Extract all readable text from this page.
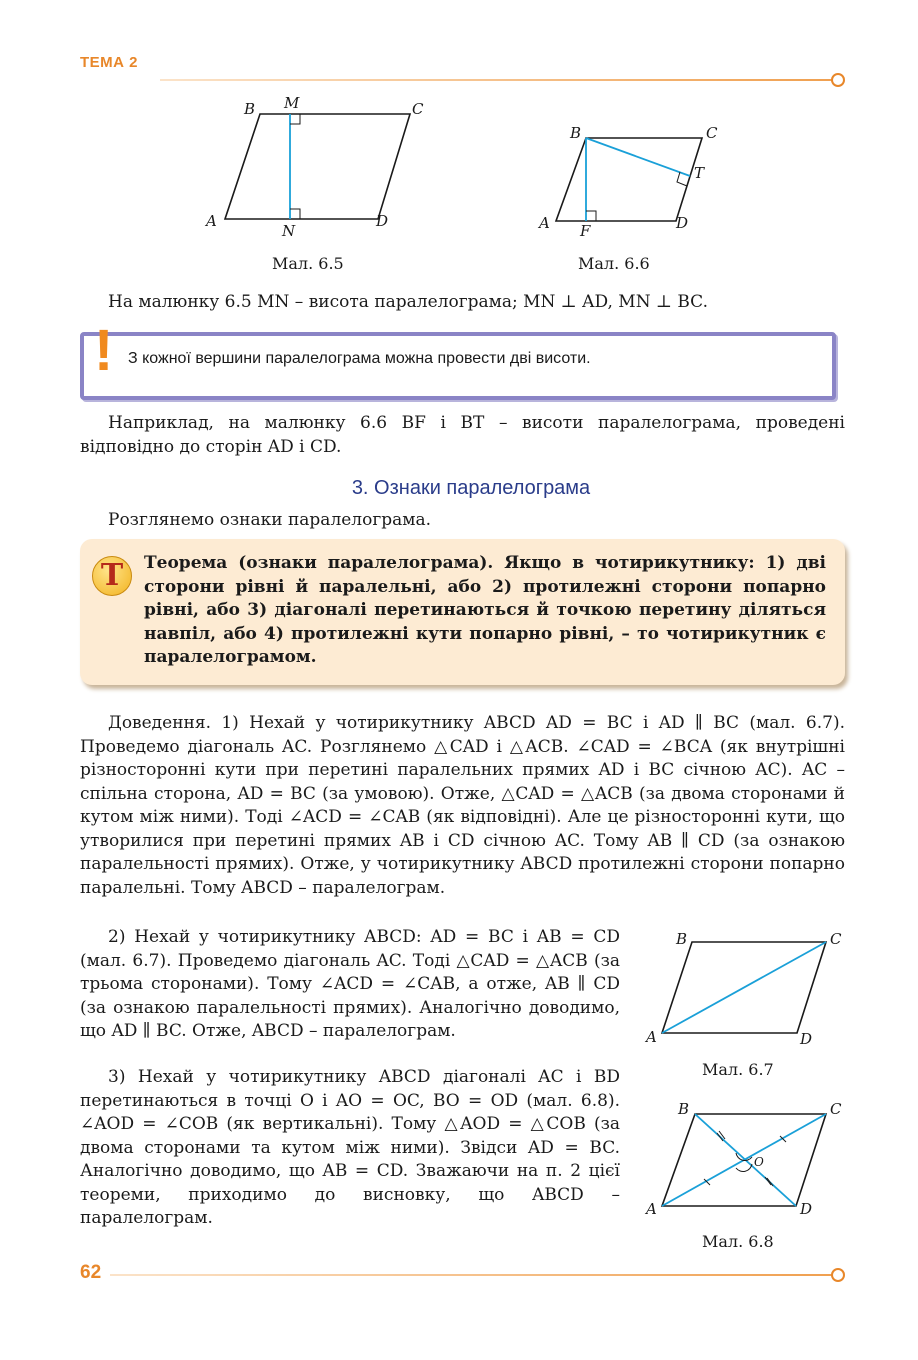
ТЕМА 2
B M	C
A
N
D
Мал. 6.5
B	C
T
A F	D
Мал. 6.6
На малюнку 6.5 MN – висота паралелограма; MN ⊥ AD, MN ⊥ BC.
! З кожної вершини паралелограма можна провести дві висоти.
Наприклад, на малюнку 6.6 BF і BT – висоти паралелограма, проведені відповідно до сторін AD і CD.
3. Ознаки паралелограма
Розглянемо ознаки паралелограма.
T	Теорема (ознаки паралелограма). Якщо в чотирикутнику: 1) дві сторони рівні й паралельні, або 2) протилежні сторони попарно рівні, або 3) діагоналі перетинаються й точкою перетину діляться навпіл, або 4) протилежні кути попарно рівні, – то чотирикутник є паралелограмом.
Доведення. 1) Нехай у чотирикутнику ABCD AD = BC і AD ∥ BC (мал. 6.7). Проведемо діагональ AC. Розглянемо △CAD і △ACB. ∠CAD = ∠BCA (як внутрішні різносторонні кути при перетині паралельних прямих AD і BC січною AC). AC – спільна сторона, AD = BC (за умовою). Отже, △CAD = △ACB (за двома сторонами й кутом між ними). Тоді ∠ACD = ∠CAB (як відповідні). Але це різносторонні кути, що утворилися при перетині прямих AB і CD січною AC. Тому AB ∥ CD (за ознакою паралельності прямих). Отже, у чотирикутнику ABCD протилежні сторони попарно паралельні. Тому ABCD – паралелограм.
2) Нехай у чотирикутнику ABCD: AD = BC і AB = CD (мал. 6.7). Проведемо діагональ AC. Тоді △CAD = △ACB (за трьома сторонами). Тому ∠ACD = ∠CAB, а отже, AB ∥ CD (за ознакою паралельності прямих). Аналогічно доводимо, що AD ∥ BC. Отже, ABCD – паралелограм.
3) Нехай у чотирикутнику ABCD діагоналі AC і BD перетинаються в точці O і AO = OC, BO = OD (мал. 6.8). ∠AOD = ∠COB (як вертикальні). Тому △AOD = △COB (за двома сторонами та кутом між ними). Звідси AD = BC. Аналогічно доводимо, що AB = CD. Зважаючи на п. 2 цієї теореми, приходимо до висновку, що ABCD – паралелограм.
B	C
A	D
Мал. 6.7
B	C
O
A	D
Мал. 6.8
62
